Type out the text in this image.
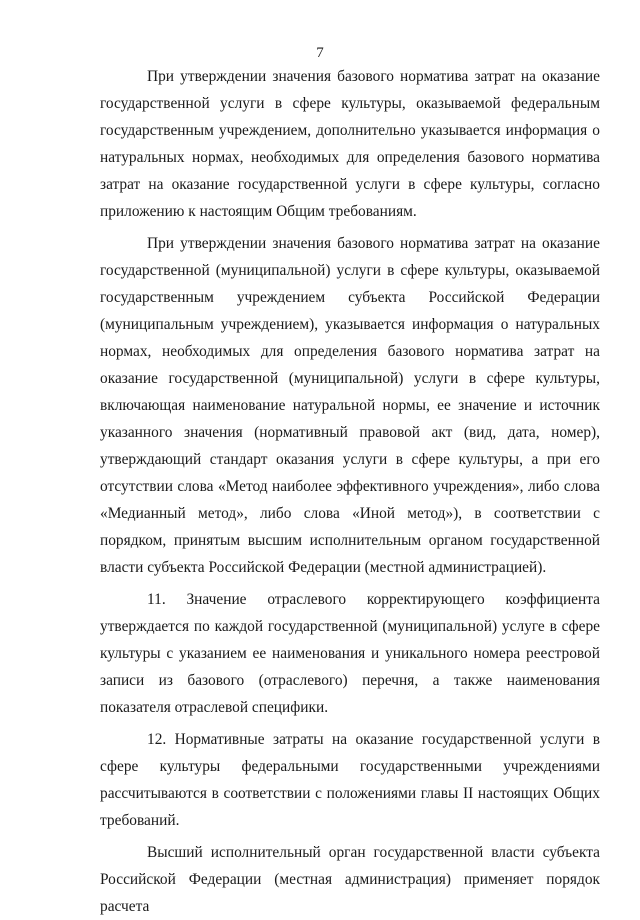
7

При утверждении значения базового норматива затрат на оказание государственной услуги в сфере культуры, оказываемой федеральным государственным учреждением, дополнительно указывается информация о натуральных нормах, необходимых для определения базового норматива затрат на оказание государственной услуги в сфере культуры, согласно приложению к настоящим Общим требованиям.

При утверждении значения базового норматива затрат на оказание государственной (муниципальной) услуги в сфере культуры, оказываемой государственным учреждением субъекта Российской Федерации (муниципальным учреждением), указывается информация о натуральных нормах, необходимых для определения базового норматива затрат на оказание государственной (муниципальной) услуги в сфере культуры, включающая наименование натуральной нормы, ее значение и источник указанного значения (нормативный правовой акт (вид, дата, номер), утверждающий стандарт оказания услуги в сфере культуры, а при его отсутствии слова «Метод наиболее эффективного учреждения», либо слова «Медианный метод», либо слова «Иной метод»), в соответствии с порядком, принятым высшим исполнительным органом государственной власти субъекта Российской Федерации (местной администрацией).

11. Значение отраслевого корректирующего коэффициента утверждается по каждой государственной (муниципальной) услуге в сфере культуры с указанием ее наименования и уникального номера реестровой записи из базового (отраслевого) перечня, а также наименования показателя отраслевой специфики.

12. Нормативные затраты на оказание государственной услуги в сфере культуры федеральными государственными учреждениями рассчитываются в соответствии с положениями главы II настоящих Общих требований.

Высший исполнительный орган государственной власти субъекта Российской Федерации (местная администрация) применяет порядок расчета
